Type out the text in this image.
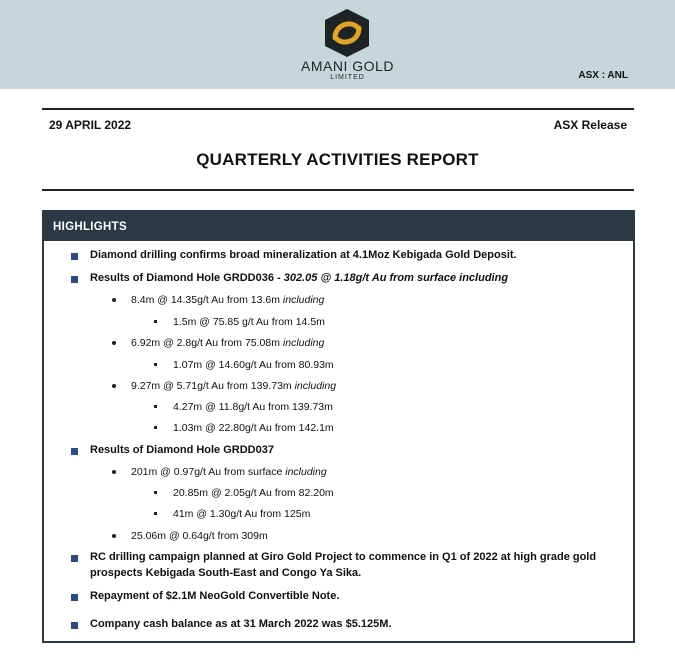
AMANI GOLD
LIMITED	ASX : ANL
29 APRIL 2022	ASX Release
QUARTERLY ACTIVITIES REPORT
HIGHLIGHTS
Diamond drilling confirms broad mineralization at 4.1Moz Kebigada Gold Deposit.
Results of Diamond Hole GRDD036 - 302.05 @ 1.18g/t Au from surface including
8.4m @ 14.35g/t Au from 13.6m including
1.5m @ 75.85 g/t Au from 14.5m
6.92m @ 2.8g/t Au from 75.08m including
1.07m @ 14.60g/t Au from 80.93m
9.27m @ 5.71g/t Au from 139.73m including
4.27m @ 11.8g/t Au from 139.73m
1.03m @ 22.80g/t Au from 142.1m
Results of Diamond Hole GRDD037
201m @ 0.97g/t Au from surface including
20.85m @ 2.05g/t Au from 82.20m
41m @ 1.30g/t Au from 125m
25.06m @ 0.64g/t from 309m
RC drilling campaign planned at Giro Gold Project to commence in Q1 of 2022 at high grade gold
prospects Kebigada South-East and Congo Ya Sika.
Repayment of $2.1M NeoGold Convertible Note.
Company cash balance as at 31 March 2022 was $5.125M.
